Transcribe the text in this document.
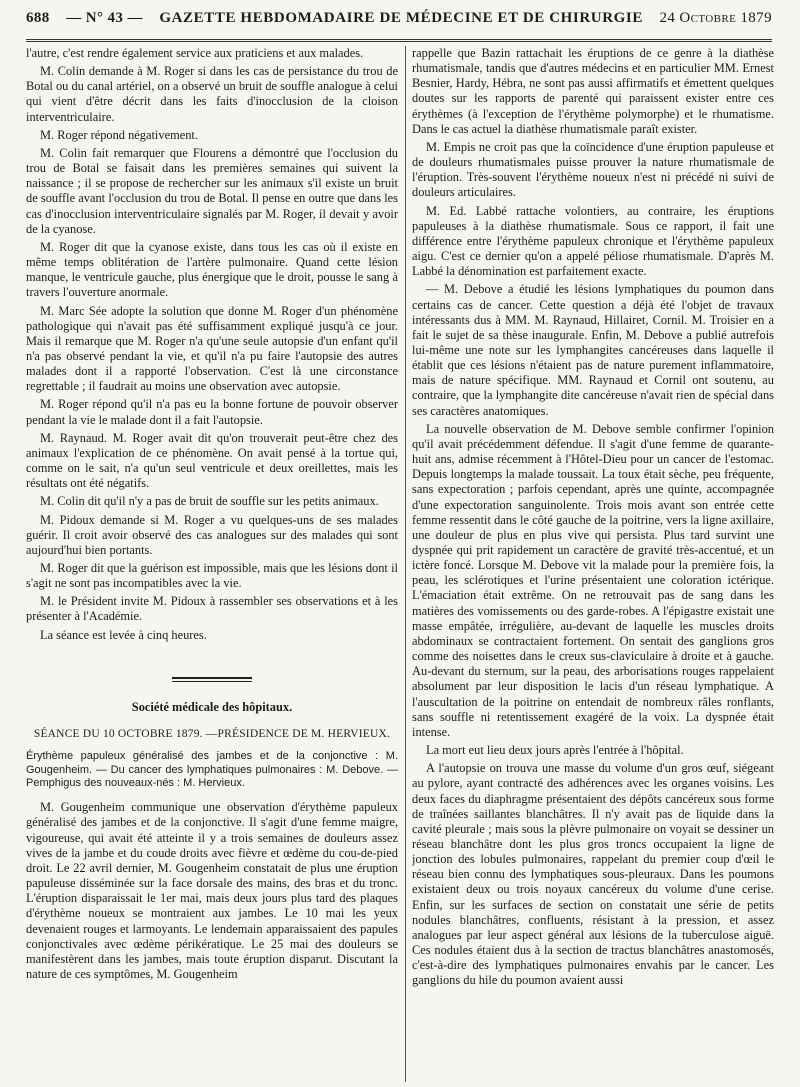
688 — N° 43 — GAZETTE HEBDOMADAIRE DE MÉDECINE ET DE CHIRURGIE 24 Octobre 1879

l'autre, c'est rendre également service aux praticiens et aux malades.

M. Colin demande à M. Roger si dans les cas de persistance du trou de Botal ou du canal artériel, on a observé un bruit de souffle analogue à celui qui vient d'être décrit dans les faits d'inocclusion de la cloison interventriculaire.

M. Roger répond négativement.

M. Colin fait remarquer que Flourens a démontré que l'occlusion du trou de Botal se faisait dans les premières semaines qui suivent la naissance ; il se propose de rechercher sur les animaux s'il existe un bruit de souffle avant l'occlusion du trou de Botal. Il pense en outre que dans les cas d'inocclusion interventriculaire signalés par M. Roger, il devait y avoir de la cyanose.

M. Roger dit que la cyanose existe, dans tous les cas où il existe en même temps oblitération de l'artère pulmonaire. Quand cette lésion manque, le ventricule gauche, plus énergique que le droit, pousse le sang à travers l'ouverture anormale.

M. Marc Sée adopte la solution que donne M. Roger d'un phénomène pathologique qui n'avait pas été suffisamment expliqué jusqu'à ce jour. Mais il remarque que M. Roger n'a qu'une seule autopsie d'un enfant qu'il n'a pas observé pendant la vie, et qu'il n'a pu faire l'autopsie des autres malades dont il a rapporté l'observation. C'est là une circonstance regrettable ; il faudrait au moins une observation avec autopsie.

M. Roger répond qu'il n'a pas eu la bonne fortune de pouvoir observer pendant la vie le malade dont il a fait l'autopsie.

M. Raynaud. M. Roger avait dit qu'on trouverait peut-être chez des animaux l'explication de ce phénomène. On avait pensé à la tortue qui, comme on le sait, n'a qu'un seul ventricule et deux oreillettes, mais les résultats ont été négatifs.

M. Colin dit qu'il n'y a pas de bruit de souffle sur les petits animaux.

M. Pidoux demande si M. Roger a vu quelques-uns de ses malades guérir. Il croit avoir observé des cas analogues sur des malades qui sont aujourd'hui bien portants.

M. Roger dit que la guérison est impossible, mais que les lésions dont il s'agit ne sont pas incompatibles avec la vie.

M. le Président invite M. Pidoux à rassembler ses observations et à les présenter à l'Académie.

La séance est levée à cinq heures.

Société médicale des hôpitaux.

SÉANCE DU 10 OCTOBRE 1879. —PRÉSIDENCE DE M. HERVIEUX.

Érythème papuleux généralisé des jambes et de la conjonctive : M. Gougenheim. — Du cancer des lymphatiques pulmonaires : M. Debove. — Pemphigus des nouveaux-nés : M. Hervieux.

M. Gougenheim communique une observation d'érythème papuleux généralisé des jambes et de la conjonctive. Il s'agit d'une femme maigre, vigoureuse, qui avait été atteinte il y a trois semaines de douleurs assez vives de la jambe et du coude droits avec fièvre et œdème du cou-de-pied droit. Le 22 avril dernier, M. Gougenheim constatait de plus une éruption papuleuse disséminée sur la face dorsale des mains, des bras et du tronc. L'éruption disparaissait le 1er mai, mais deux jours plus tard des plaques d'érythème noueux se montraient aux jambes. Le 10 mai les yeux devenaient rouges et larmoyants. Le lendemain apparaissaient des papules conjonctivales avec œdème périkératique. Le 25 mai des douleurs se manifestèrent dans les jambes, mais toute éruption disparut. Discutant la nature de ces symptômes, M. Gougenheim

rappelle que Bazin rattachait les éruptions de ce genre à la diathèse rhumatismale, tandis que d'autres médecins et en particulier MM. Ernest Besnier, Hardy, Hébra, ne sont pas aussi affirmatifs et émettent quelques doutes sur les rapports de parenté qui paraissent exister entre ces érythèmes (à l'exception de l'érythème polymorphe) et le rhumatisme. Dans le cas actuel la diathèse rhumatismale paraît exister.

M. Empis ne croit pas que la coïncidence d'une éruption papuleuse et de douleurs rhumatismales puisse prouver la nature rhumatismale de l'éruption. Très-souvent l'érythème noueux n'est ni précédé ni suivi de douleurs articulaires.

M. Ed. Labbé rattache volontiers, au contraire, les éruptions papuleuses à la diathèse rhumatismale. Sous ce rapport, il fait une différence entre l'érythème papuleux chronique et l'érythème papuleux aigu. C'est ce dernier qu'on a appelé péliose rhumatismale. D'après M. Labbé la dénomination est parfaitement exacte.

— M. Debove a étudié les lésions lymphatiques du poumon dans certains cas de cancer. Cette question a déjà été l'objet de travaux intéressants dus à MM. M. Raynaud, Hillairet, Cornil. M. Troisier en a fait le sujet de sa thèse inaugurale. Enfin, M. Debove a publié autrefois lui-même une note sur les lymphangites cancéreuses dans laquelle il établit que ces lésions n'étaient pas de nature purement inflammatoire, mais de nature spécifique. MM. Raynaud et Cornil ont soutenu, au contraire, que la lymphangite dite cancéreuse n'avait rien de spécial dans ses caractères anatomiques.

La nouvelle observation de M. Debove semble confirmer l'opinion qu'il avait précédemment défendue. Il s'agit d'une femme de quarante-huit ans, admise récemment à l'Hôtel-Dieu pour un cancer de l'estomac. Depuis longtemps la malade toussait. La toux était sèche, peu fréquente, sans expectoration ; parfois cependant, après une quinte, accompagnée d'une expectoration sanguinolente. Trois mois avant son entrée cette femme ressentit dans le côté gauche de la poitrine, vers la ligne axillaire, une douleur de plus en plus vive qui persista. Plus tard survint une dyspnée qui prit rapidement un caractère de gravité très-accentué, et un ictère foncé. Lorsque M. Debove vit la malade pour la première fois, la peau, les sclérotiques et l'urine présentaient une coloration ictérique. L'émaciation était extrême. On ne retrouvait pas de sang dans les matières des vomissements ou des garde-robes. A l'épigastre existait une masse empâtée, irrégulière, au-devant de laquelle les muscles droits abdominaux se contractaient fortement. On sentait des ganglions gros comme des noisettes dans le creux sus-claviculaire à droite et à gauche. Au-devant du sternum, sur la peau, des arborisations rouges rappelaient absolument par leur disposition le lacis d'un réseau lymphatique. A l'auscultation de la poitrine on entendait de nombreux râles ronflants, sans souffle ni retentissement exagéré de la voix. La dyspnée était intense.

La mort eut lieu deux jours après l'entrée à l'hôpital.

A l'autopsie on trouva une masse du volume d'un gros œuf, siégeant au pylore, ayant contracté des adhérences avec les organes voisins. Les deux faces du diaphragme présentaient des dépôts cancéreux sous forme de traînées saillantes blanchâtres. Il n'y avait pas de liquide dans la cavité pleurale ; mais sous la plèvre pulmonaire on voyait se dessiner un réseau blanchâtre dont les plus gros troncs occupaient la ligne de jonction des lobules pulmonaires, rappelant du premier coup d'œil le réseau bien connu des lymphatiques sous-pleuraux. Dans les poumons existaient deux ou trois noyaux cancéreux du volume d'une cerise. Enfin, sur les surfaces de section on constatait une série de petits nodules blanchâtres, confluents, résistant à la pression, et assez analogues par leur aspect général aux lésions de la tuberculose aiguë. Ces nodules étaient dus à la section de tractus blanchâtres anastomosés, c'est-à-dire des lymphatiques pulmonaires envahis par le cancer. Les ganglions du hile du poumon avaient aussi
